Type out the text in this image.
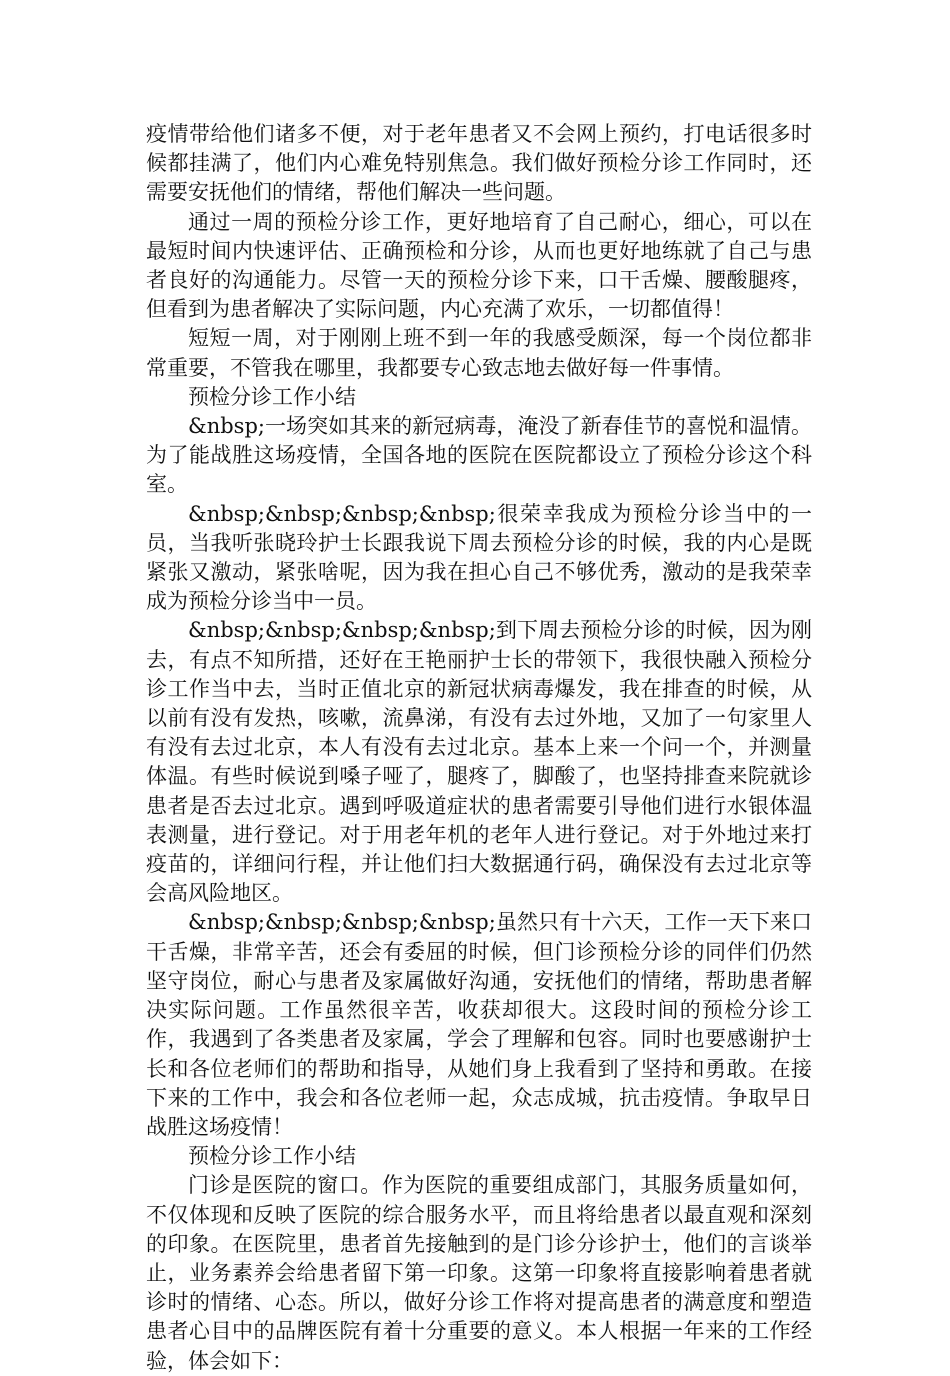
疫情带给他们诸多不便，对于老年患者又不会网上预约，打电话很多时候都挂满了，他们内心难免特别焦急。我们做好预检分诊工作同时，还需要安抚他们的情绪，帮他们解决一些问题。

通过一周的预检分诊工作，更好地培育了自己耐心，细心，可以在最短时间内快速评估、正确预检和分诊，从而也更好地练就了自己与患者良好的沟通能力。尽管一天的预检分诊下来，口干舌燥、腰酸腿疼，但看到为患者解决了实际问题，内心充满了欢乐，一切都值得！

短短一周，对于刚刚上班不到一年的我感受颇深，每一个岗位都非常重要，不管我在哪里，我都要专心致志地去做好每一件事情。

预检分诊工作小结

&nbsp;一场突如其来的新冠病毒，淹没了新春佳节的喜悦和温情。为了能战胜这场疫情，全国各地的医院在医院都设立了预检分诊这个科室。

&nbsp;&nbsp;&nbsp;&nbsp;很荣幸我成为预检分诊当中的一员，当我听张晓玲护士长跟我说下周去预检分诊的时候，我的内心是既紧张又激动，紧张啥呢，因为我在担心自己不够优秀，激动的是我荣幸成为预检分诊当中一员。

&nbsp;&nbsp;&nbsp;&nbsp;到下周去预检分诊的时候，因为刚去，有点不知所措，还好在王艳丽护士长的带领下，我很快融入预检分诊工作当中去，当时正值北京的新冠状病毒爆发，我在排查的时候，从以前有没有发热，咳嗽，流鼻涕，有没有去过外地，又加了一句家里人有没有去过北京，本人有没有去过北京。基本上来一个问一个，并测量体温。有些时候说到嗓子哑了，腿疼了，脚酸了，也坚持排查来院就诊患者是否去过北京。遇到呼吸道症状的患者需要引导他们进行水银体温表测量，进行登记。对于用老年机的老年人进行登记。对于外地过来打疫苗的，详细问行程，并让他们扫大数据通行码，确保没有去过北京等会高风险地区。

&nbsp;&nbsp;&nbsp;&nbsp;虽然只有十六天，工作一天下来口干舌燥，非常辛苦，还会有委屈的时候，但门诊预检分诊的同伴们仍然坚守岗位，耐心与患者及家属做好沟通，安抚他们的情绪，帮助患者解决实际问题。工作虽然很辛苦，收获却很大。这段时间的预检分诊工作，我遇到了各类患者及家属，学会了理解和包容。同时也要感谢护士长和各位老师们的帮助和指导，从她们身上我看到了坚持和勇敢。在接下来的工作中，我会和各位老师一起，众志成城，抗击疫情。争取早日战胜这场疫情！

预检分诊工作小结

门诊是医院的窗口。作为医院的重要组成部门，其服务质量如何，不仅体现和反映了医院的综合服务水平，而且将给患者以最直观和深刻的印象。在医院里，患者首先接触到的是门诊分诊护士，他们的言谈举止，业务素养会给患者留下第一印象。这第一印象将直接影响着患者就诊时的情绪、心态。所以，做好分诊工作将对提高患者的满意度和塑造患者心目中的品牌医院有着十分重要的意义。本人根据一年来的工作经验，体会如下：
